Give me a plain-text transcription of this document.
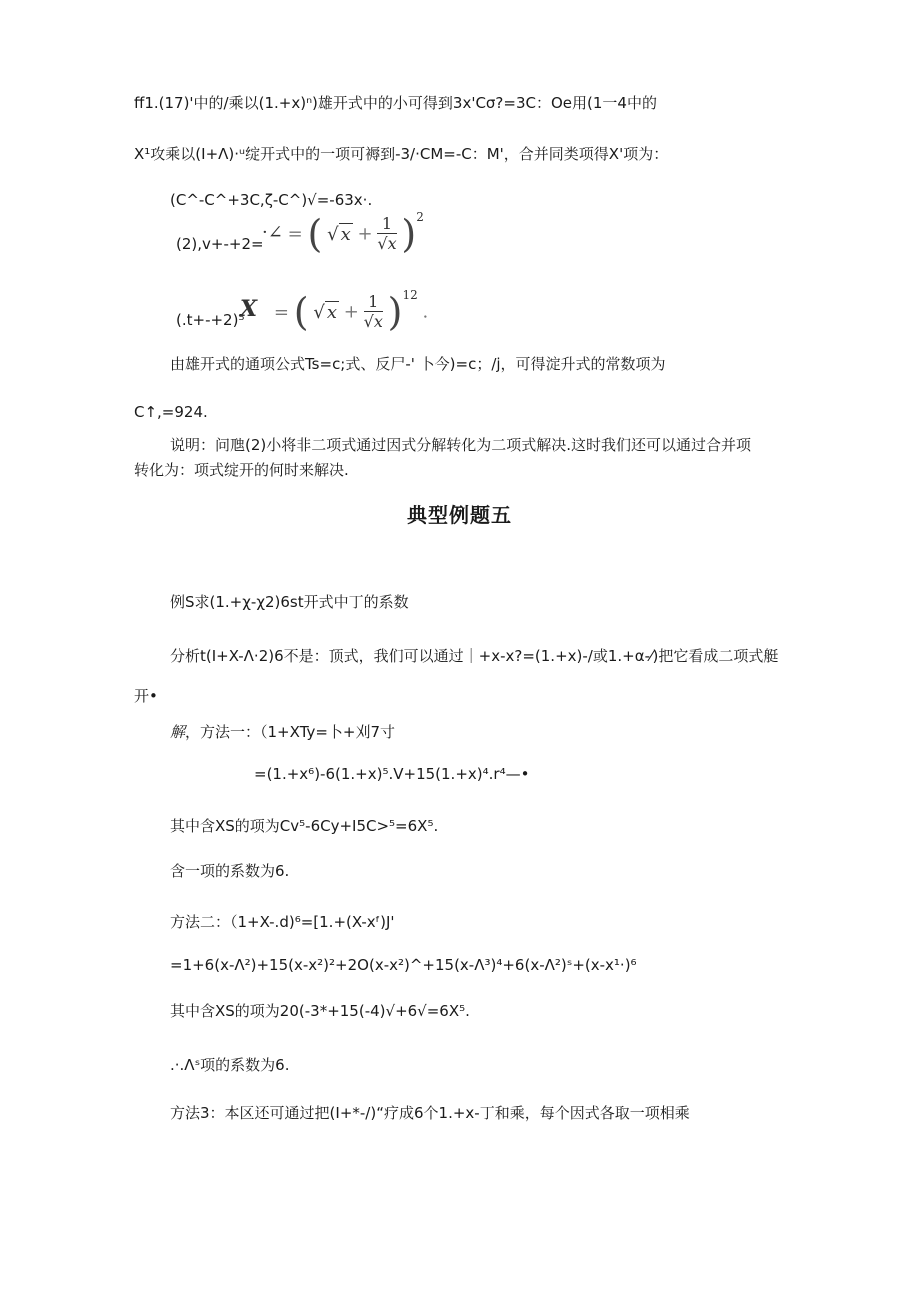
ff1.(17)'中的/乘以(1.+x)ⁿ)雄开式中的小可得到3x'Cσ?=3C：Oe用(1一4中的
X¹攻乘以(I+Λ)·ᵘ绽开式中的一项可褥到-3/·CM=-C：M'，合并同类项得X'项为：
(C^-C^+3C,ζ-C^)√=-63x·.
(2),v+-+2=
·∠ = ( √ $x + \frac{1}{√x} )^2$
(.t+-+2)⁵
X = ( √ $x + \frac{1}{√x} )^{12}$ .
由雄开式的通项公式Ts=c;式、反尸-' 卜今)=c；/j，可得淀升式的常数项为
C↑,=924.
说明：问虺(2)小将非二项式通过因式分解转化为二项式解决.这时我们还可以通过合并项
转化为：项式绽开的何时来解决.
典型例题五
例S求(1.+χ-χ2)6st开式中丁的系数
分析t(I+X-Λ·2)6不是：顶式，我们可以通过｜+x-x?=(1.+x)-/或1.+α-⁄)把它看成二项式艇
开•
解，方法一：（1+XTy=卜+刈7寸
=(1.+x⁶)-6(1.+x)⁵.V+15(1.+x)⁴.r⁴—•
其中含XS的项为Cv⁵-6Cy+I5C>⁵=6X⁵.
含一项的系数为6.
方法二：（1+X-.d)⁶=[1.+(X-xᶠ)J'
=1+6(x-Λ²)+15(x-x²)²+2O(x-x²)^+15(x-Λ³)⁴+6(x-Λ²)ˢ+(x-x¹·)⁶
其中含XS的项为20(-3*+15(-4)√+6√=6X⁵.
.·.Λˢ项的系数为6.
方法3：本区还可通过把(I+*-/)“疗成6个1.+x-丁和乘，每个因式各取一项相乘
